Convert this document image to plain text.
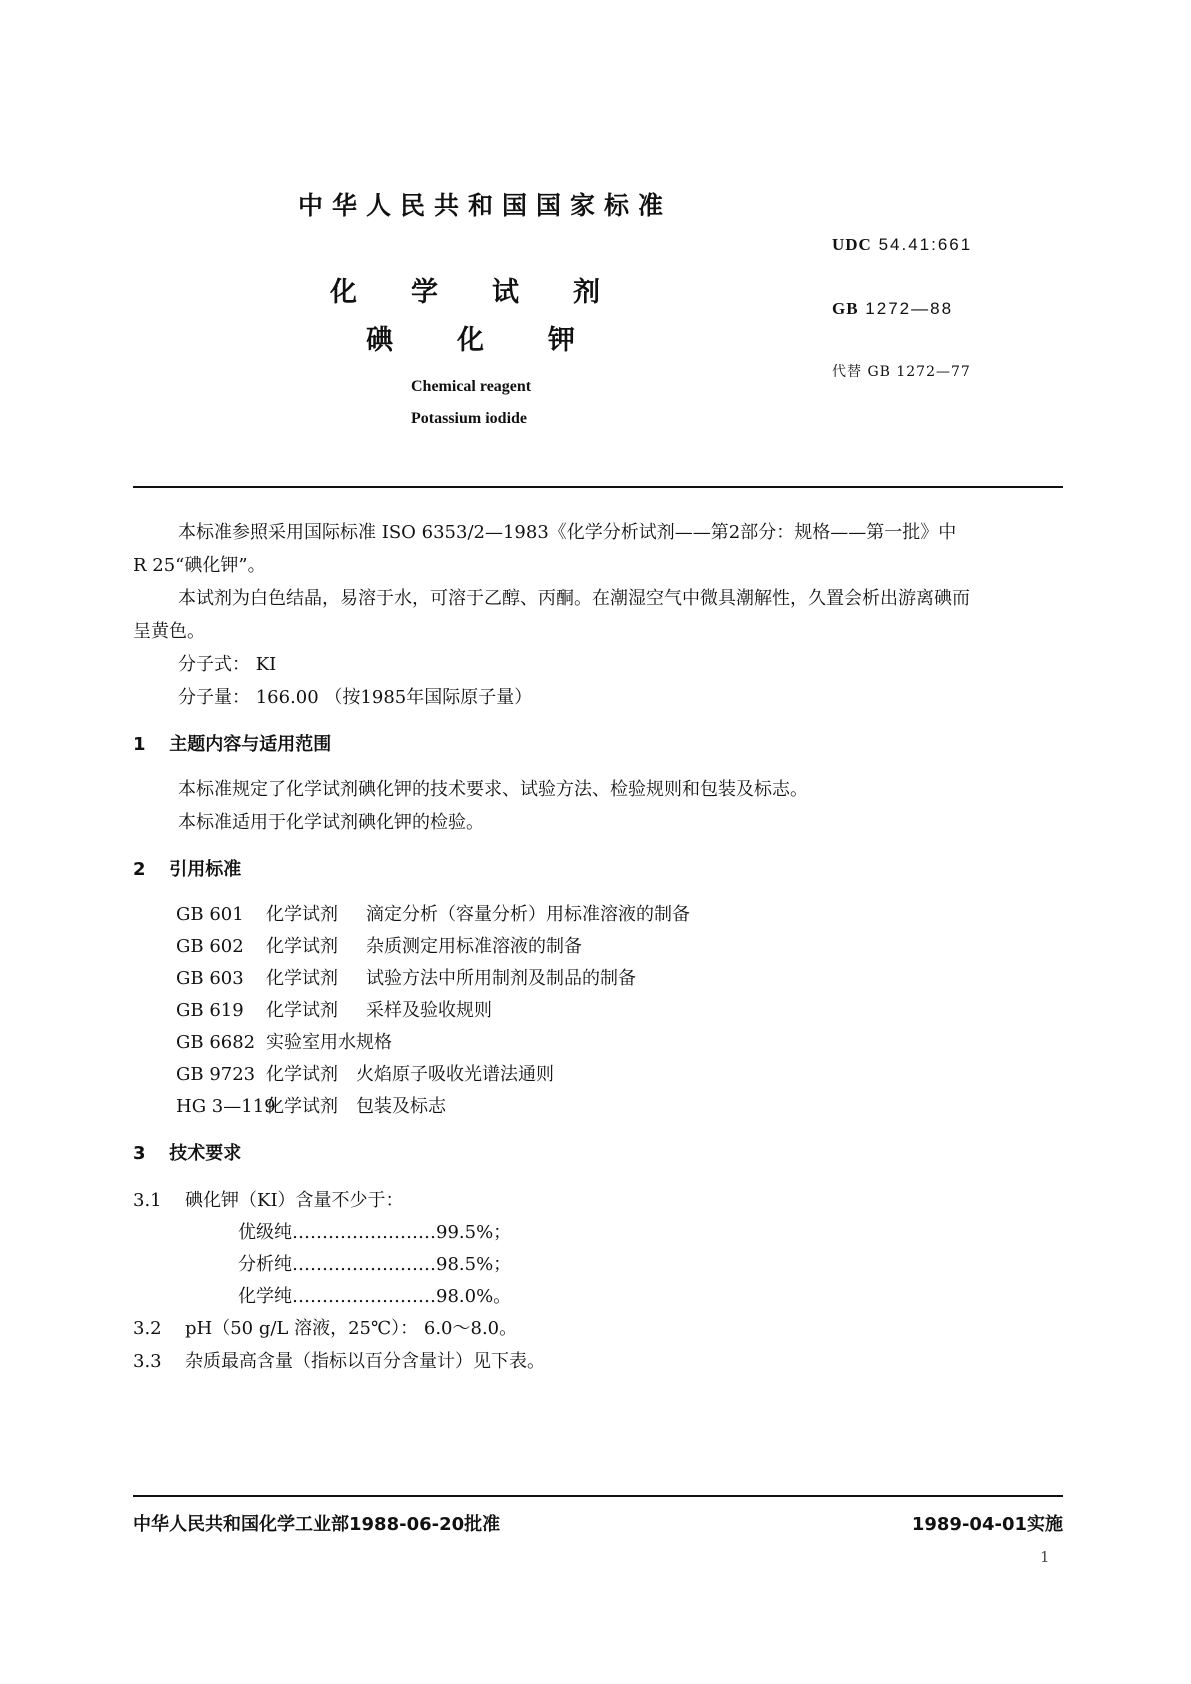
中华人民共和国国家标准
化学试剂
碘化钾
Chemical reagent
Potassium iodide
UDC 54.41:661
GB 1272—88
代替 GB 1272—77
本标准参照采用国际标准 ISO 6353/2—1983《化学分析试剂——第2部分：规格——第一批》中
R 25“碘化钾”。
本试剂为白色结晶，易溶于水，可溶于乙醇、丙酮。在潮湿空气中微具潮解性，久置会析出游离碘而
呈黄色。
分子式： KI
分子量： 166.00 （按1985年国际原子量）
1 主题内容与适用范围
本标准规定了化学试剂碘化钾的技术要求、试验方法、检验规则和包装及标志。
本标准适用于化学试剂碘化钾的检验。
2 引用标准
GB 601 化学试剂 滴定分析（容量分析）用标准溶液的制备
GB 602 化学试剂 杂质测定用标准溶液的制备
GB 603 化学试剂 试验方法中所用制剂及制品的制备
GB 619 化学试剂 采样及验收规则
GB 6682 实验室用水规格
GB 9723 化学试剂　火焰原子吸收光谱法通则
HG 3—119化学试剂　包装及标志
3 技术要求
3.1 碘化钾（KI）含量不少于：
优级纯……………………99.5%；
分析纯……………………98.5%；
化学纯……………………98.0%。
3.2 pH（50 g/L 溶液，25℃）： 6.0～8.0。
3.3 杂质最高含量（指标以百分含量计）见下表。
中华人民共和国化学工业部1988-06-20批准	1989-04-01实施
1
